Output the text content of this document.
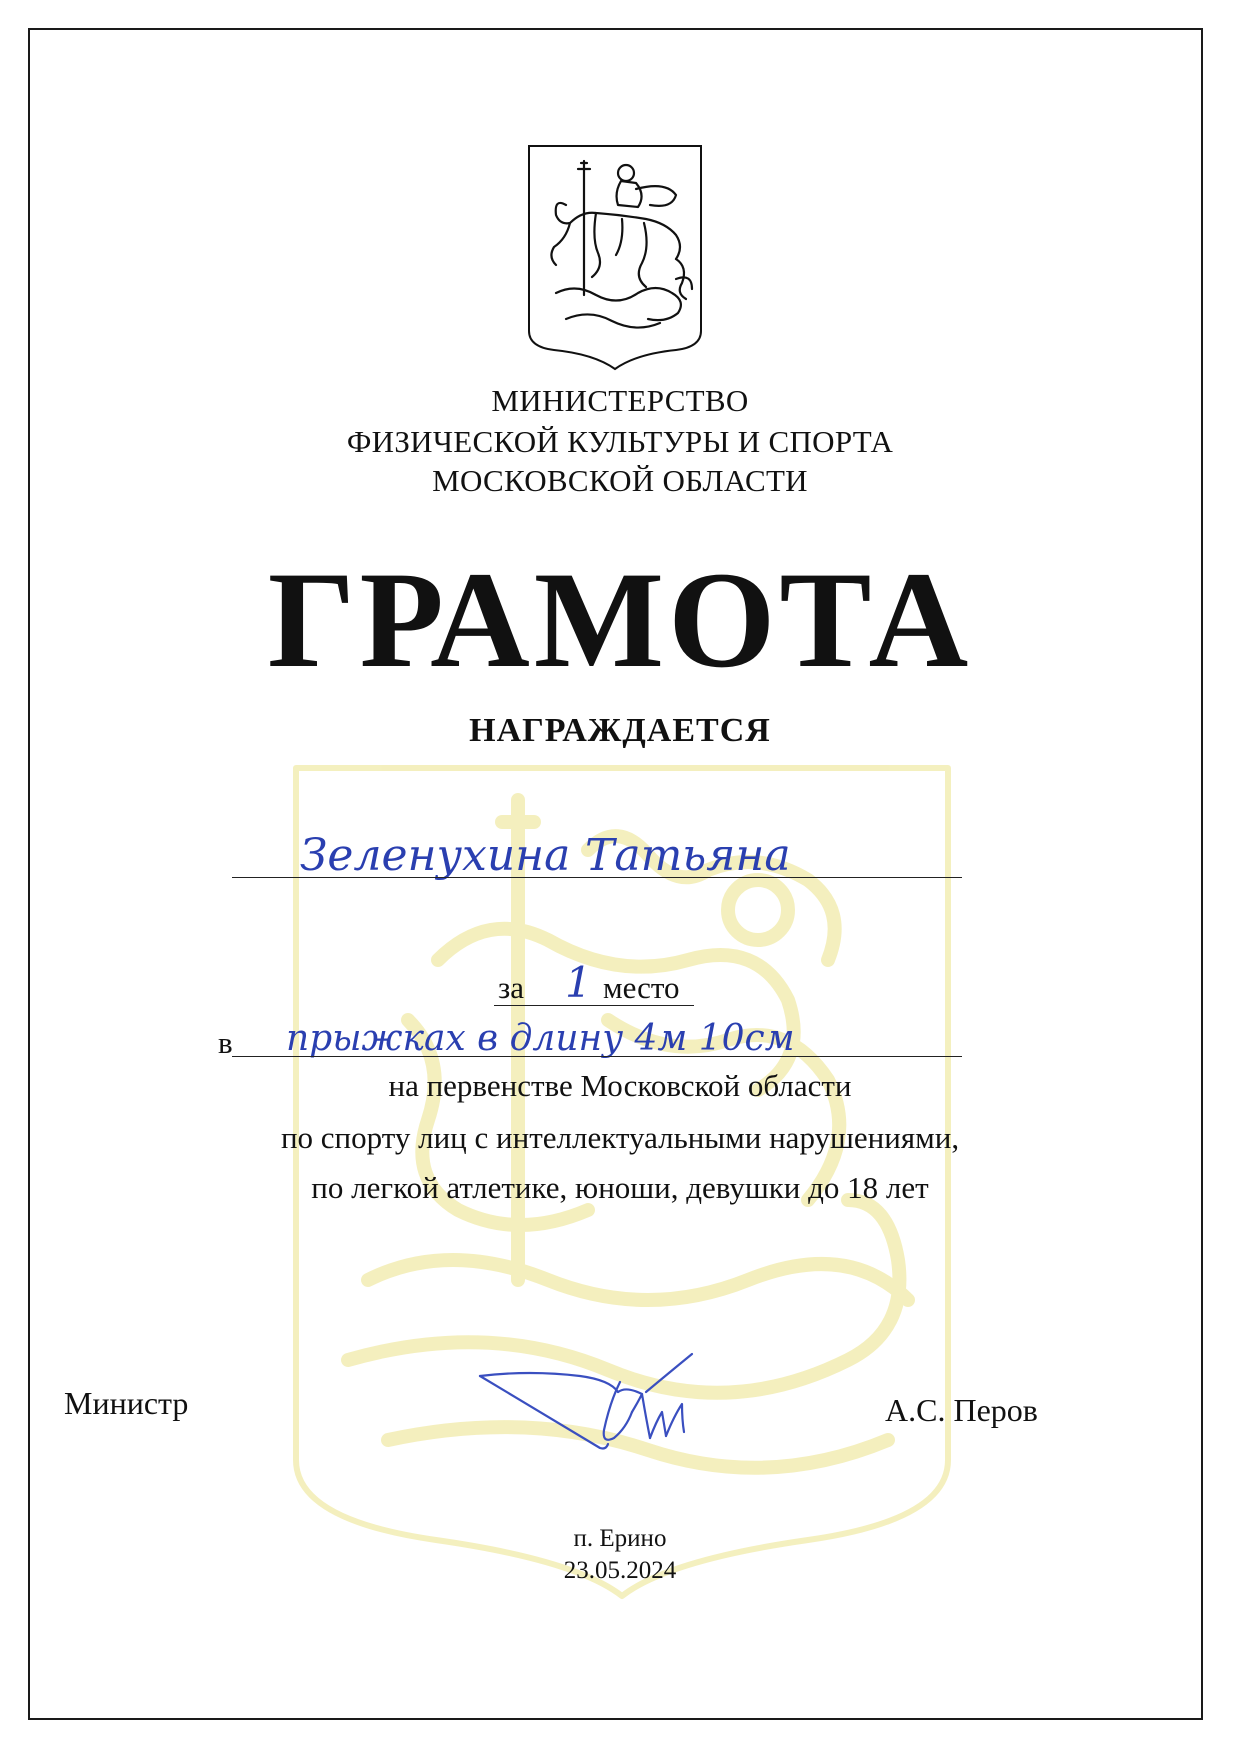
МИНИСТЕРСТВО
ФИЗИЧЕСКОЙ КУЛЬТУРЫ И СПОРТА
МОСКОВСКОЙ ОБЛАСТИ
ГРАМОТА
НАГРАЖДАЕТСЯ
Зеленухина Татьяна
за 1 место
в прыжках в длину 4м 10см
на первенстве Московской области
по спорту лиц с интеллектуальными нарушениями,
по легкой атлетике, юноши, девушки до 18 лет
Министр	А.С. Перов
п. Ерино
23.05.2024
